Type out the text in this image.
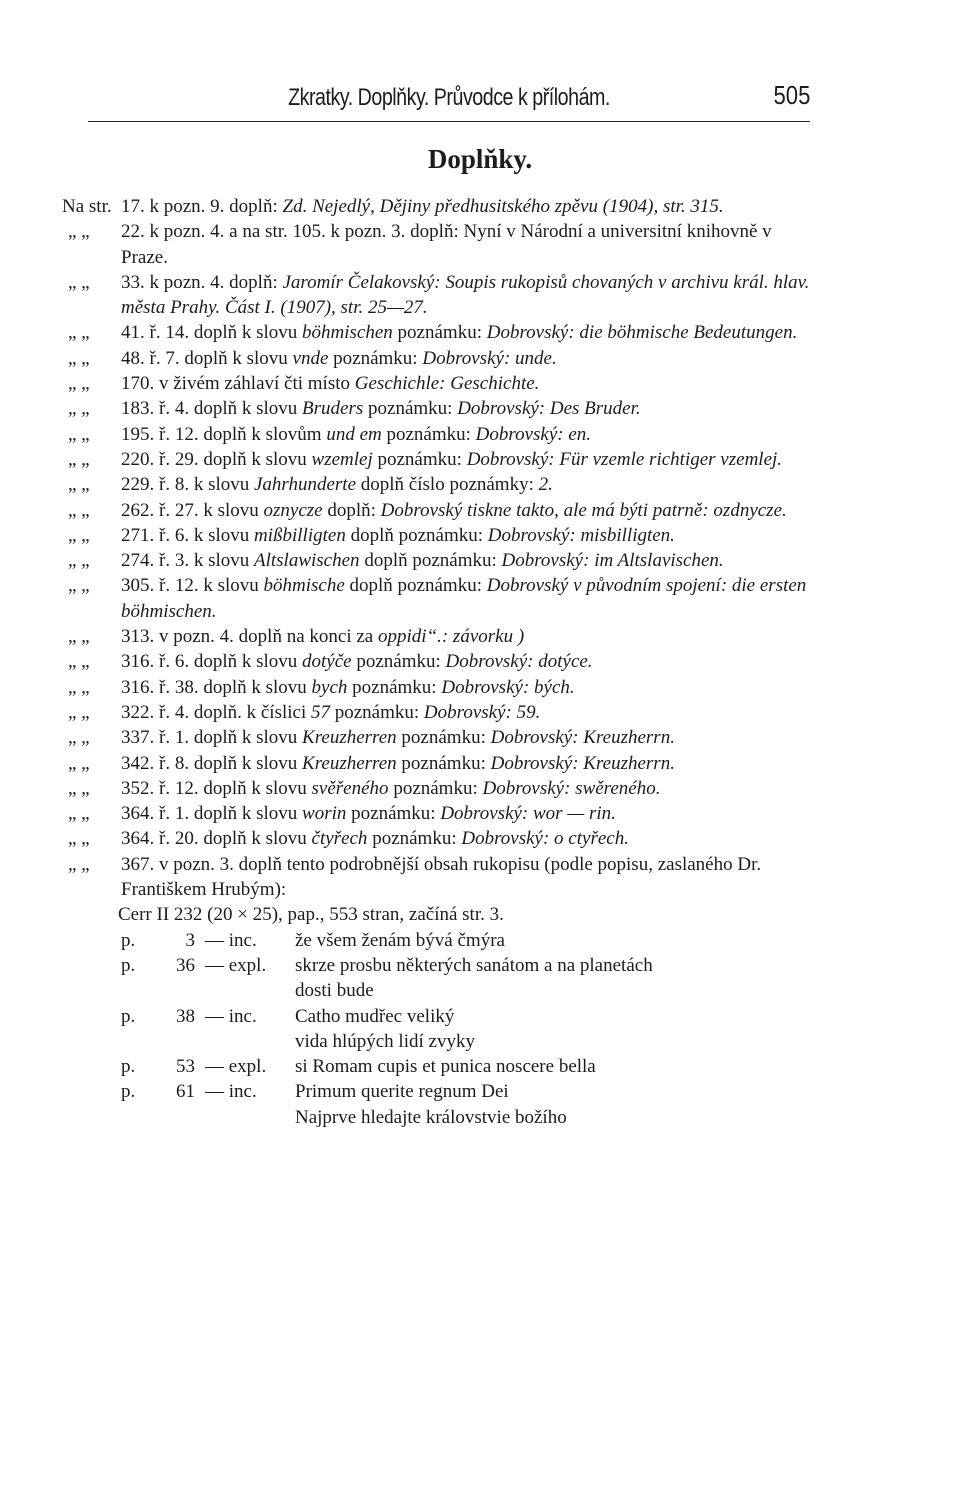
Zkratky. Doplňky. Průvodce k přílohám.	505
Doplňky.
Na str. 17. k pozn. 9. doplň: Zd. Nejedlý, Dějiny předhusitského zpěvu (1904), str. 315.
„ „	22. k pozn. 4. a na str. 105. k pozn. 3. doplň: Nyní v Národní a universitní knihovně v Praze.
„ „	33. k pozn. 4. doplň: Jaromír Čelakovský: Soupis rukopisů chovaných v archivu král. hlav. města Prahy. Část I. (1907), str. 25—27.
„ „	41. ř. 14. doplň k slovu böhmischen poznámku: Dobrovský: die böhmische Bedeutungen.
„ „	48. ř. 7. doplň k slovu vnde poznámku: Dobrovský: unde.
„ „	170. v živém záhlaví čti místo Geschichle: Geschichte.
„ „	183. ř. 4. doplň k slovu Bruders poznámku: Dobrovský: Des Bruder.
„ „	195. ř. 12. doplň k slovům und em poznámku: Dobrovský: en.
„ „	220. ř. 29. doplň k slovu wzemlej poznámku: Dobrovský: Für vzemle richtiger vzemlej.
„ „	229. ř. 8. k slovu Jahrhunderte doplň číslo poznámky: 2.
„ „	262. ř. 27. k slovu oznycze doplň: Dobrovský tiskne takto, ale má býti patrně: ozdnycze.
„ „	271. ř. 6. k slovu mißbilligten doplň poznámku: Dobrovský: misbilligten.
„ „	274. ř. 3. k slovu Altslawischen doplň poznámku: Dobrovský: im Altslavischen.
„ „	305. ř. 12. k slovu böhmische doplň poznámku: Dobrovský v původním spojení: die ersten böhmischen.
„ „	313. v pozn. 4. doplň na konci za oppidi“.: závorku )
„ „	316. ř. 6. doplň k slovu dotýče poznámku: Dobrovský: dotýce.
„ „	316. ř. 38. doplň k slovu bych poznámku: Dobrovský: bých.
„ „	322. ř. 4. doplň. k číslici 57 poznámku: Dobrovský: 59.
„ „	337. ř. 1. doplň k slovu Kreuzherren poznámku: Dobrovský: Kreuzherrn.
„ „	342. ř. 8. doplň k slovu Kreuzherren poznámku: Dobrovský: Kreuzherrn.
„ „	352. ř. 12. doplň k slovu svěřeného poznámku: Dobrovský: swěreného.
„ „	364. ř. 1. doplň k slovu worin poznámku: Dobrovský: wor — rin.
„ „	364. ř. 20. doplň k slovu čtyřech poznámku: Dobrovský: o ctyřech.
„ „	367. v pozn. 3. doplň tento podrobnější obsah rukopisu (podle popisu, zaslaného Dr. Františkem Hrubým):
Cerr II 232 (20 × 25), pap., 553 stran, začíná str. 3.
p.	3	— inc.	že všem ženám bývá čmýra
p.	36	— expl.	skrze prosbu některých sanátom a na planetách
			dosti bude
p.	38	— inc.	Catho mudřec veliký
			vida hlúpých lidí zvyky
p.	53	— expl.	si Romam cupis et punica noscere bella
p.	61	— inc.	Primum querite regnum Dei
			Najprve hledajte královstvie božího
